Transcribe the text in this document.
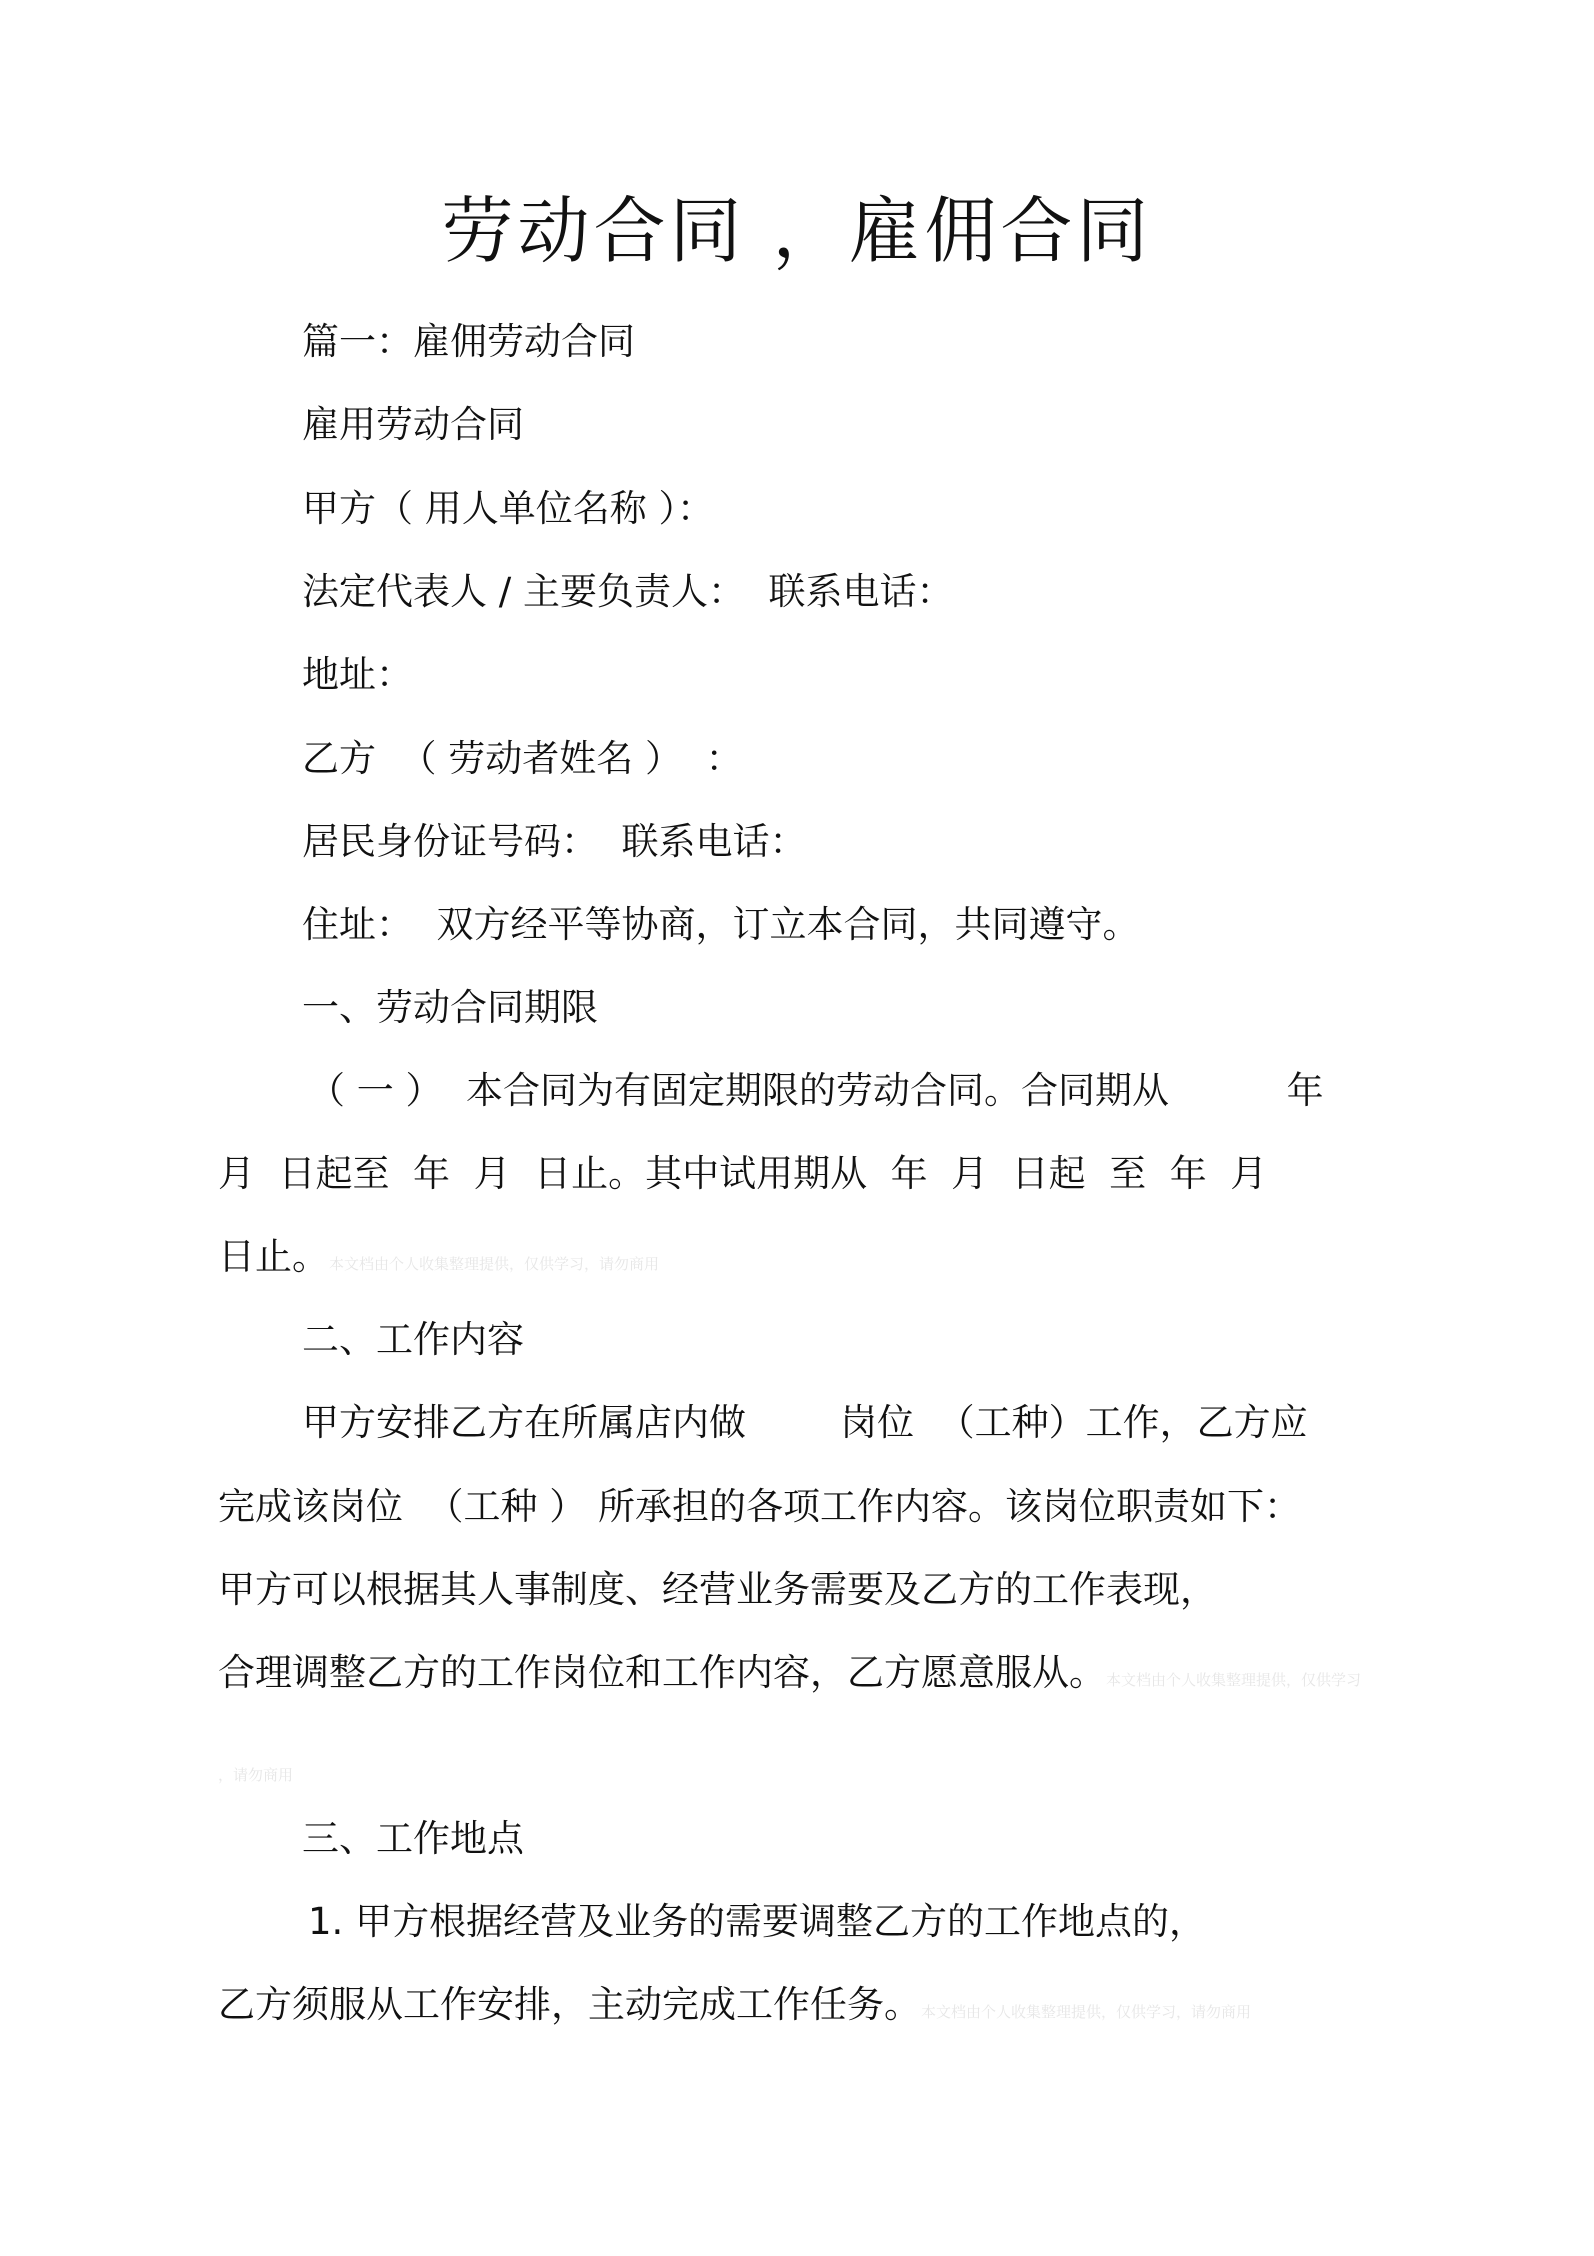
劳动合同 ，雇佣合同

篇一：雇佣劳动合同

雇用劳动合同

甲方（ 用人单位名称 ）：

法定代表人 / 主要负责人：  联系电话：

地址：

乙方  （ 劳动者姓名 ）  ：

居民身份证号码：  联系电话：

住址：  双方经平等协商，订立本合同，共同遵守。

一、劳动合同期限

（ 一 ）  本合同为有固定期限的劳动合同。合同期从          年

月  日起至  年  月  日止。其中试用期从  年  月  日起  至  年  月

日止。本文档由个人收集整理提供，仅供学习，请勿商用

二、工作内容

甲方安排乙方在所属店内做        岗位  （工种）工作，乙方应

完成该岗位  （工种 ） 所承担的各项工作内容。该岗位职责如下：

甲方可以根据其人事制度、经营业务需要及乙方的工作表现，

合理调整乙方的工作岗位和工作内容，乙方愿意服从。本文档由个人收集整理提供，仅供学习

，请勿商用

三、工作地点

1. 甲方根据经营及业务的需要调整乙方的工作地点的，

乙方须服从工作安排，主动完成工作任务。本文档由个人收集整理提供，仅供学习，请勿商用
